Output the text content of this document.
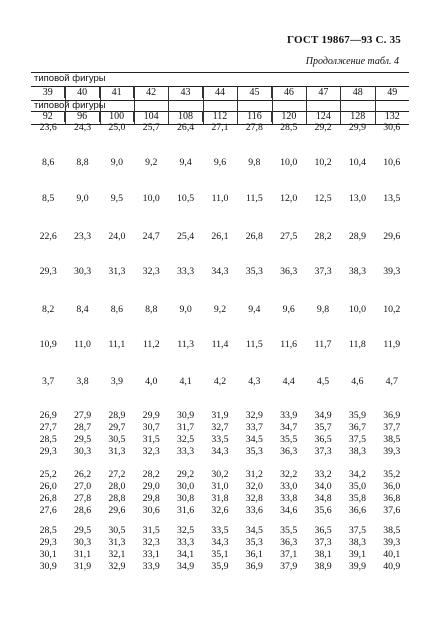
ГОСТ 19867—93 С. 35
Продолжение табл. 4
типовой фигуры
39	40	41	42	43	44	45	46	47	48	49
типовой фигуры
92	96	100	104	108	112	116	120	124	128	132
23,6	24,3	25,0	25,7	26,4	27,1	27,8	28,5	29,2	29,9	30,6
8,6	8,8	9,0	9,2	9,4	9,6	9,8	10,0	10,2	10,4	10,6
8,5	9,0	9,5	10,0	10,5	11,0	11,5	12,0	12,5	13,0	13,5
22,6	23,3	24,0	24,7	25,4	26,1	26,8	27,5	28,2	28,9	29,6
29,3	30,3	31,3	32,3	33,3	34,3	35,3	36,3	37,3	38,3	39,3
8,2	8,4	8,6	8,8	9,0	9,2	9,4	9,6	9,8	10,0	10,2
10,9	11,0	11,1	11,2	11,3	11,4	11,5	11,6	11,7	11,8	11,9
3,7	3,8	3,9	4,0	4,1	4,2	4,3	4,4	4,5	4,6	4,7
26,9	27,9	28,9	29,9	30,9	31,9	32,9	33,9	34,9	35,9	36,9
27,7	28,7	29,7	30,7	31,7	32,7	33,7	34,7	35,7	36,7	37,7
28,5	29,5	30,5	31,5	32,5	33,5	34,5	35,5	36,5	37,5	38,5
29,3	30,3	31,3	32,3	33,3	34,3	35,3	36,3	37,3	38,3	39,3
25,2	26,2	27,2	28,2	29,2	30,2	31,2	32,2	33,2	34,2	35,2
26,0	27,0	28,0	29,0	30,0	31,0	32,0	33,0	34,0	35,0	36,0
26,8	27,8	28,8	29,8	30,8	31,8	32,8	33,8	34,8	35,8	36,8
27,6	28,6	29,6	30,6	31,6	32,6	33,6	34,6	35,6	36,6	37,6
28,5	29,5	30,5	31,5	32,5	33,5	34,5	35,5	36,5	37,5	38,5
29,3	30,3	31,3	32,3	33,3	34,3	35,3	36,3	37,3	38,3	39,3
30,1	31,1	32,1	33,1	34,1	35,1	36,1	37,1	38,1	39,1	40,1
30,9	31,9	32,9	33,9	34,9	35,9	36,9	37,9	38,9	39,9	40,9
